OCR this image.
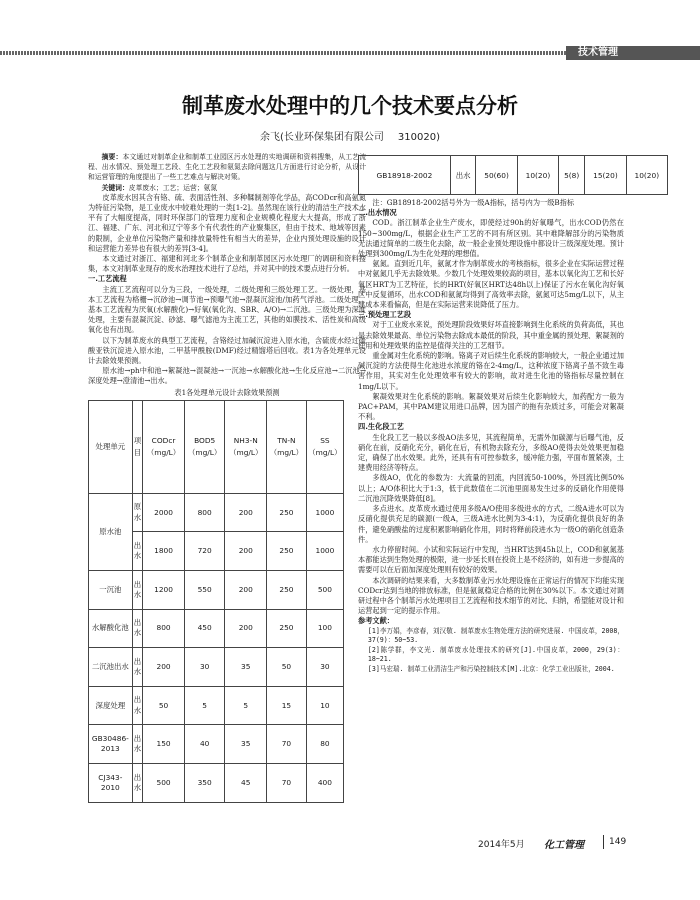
技术管理
制革废水处理中的几个技术要点分析
余飞(长业环保集团有限公司 310020)

摘要：本文通过对制革企业和制革工业园区污水处理的实地调研和资料搜集，从工艺流程、出水情况、预处理工艺段、生化工艺段和氨氮去除问题这几方面进行讨论分析，从设计和运营管理的角度提出了一些工艺难点与解决对策。

关键词：皮革废水；工艺；运营；氨氮

皮革废水因其含有铬、硫、表面活性剂、多种鞣制剂等化学品，高CODcr和高氨氮为特征污染物，是工业废水中较难处理的一类[1-2]。虽然现在该行业的清洁生产技术水平有了大幅度提高，同时环保部门的管理力度和企业规模化程度大大提高，形成了浙江、福建、广东、河北和辽宁等多个有代表性的产业聚集区，但由于技术、地域等因素的限制，企业单位污染物产量和排放量特性有相当大的差异，企业内预处理设施的设计和运营能力差异也有很大的差异[3-4]。

本文通过对浙江、福建和河北多个制革企业和制革园区污水处理厂的调研和资料搜集，本文对制革业现存的废水治理技术进行了总结，并对其中的技术要点进行分析。

一.工艺流程

主流工艺流程可以分为三段，一级处理，二级处理和三级处理工艺。一级处理，基本工艺流程为格栅→沉砂池→调节池→预曝气池→混凝沉淀池/加药气浮池。二级处理，基本工艺流程为厌氧(水解酸化)→好氧(氧化沟、SBR、A/O)→二沉池。三级处理为深度处理，主要有混凝沉淀、砂滤、曝气滤池为主流工艺，其他的如膜技术、活性炭和高级氧化也有出现。

以下为制革废水的典型工艺流程，含铬经过加碱沉淀进入原水池，含硫废水经过硫酸亚铁沉淀进入原水池，二甲基甲酰胺(DMF)经过精馏塔后回收。表1为各处理单元设计去除效果预测。

原水池→ph中和池→絮凝池→混凝池→一沉池→水解酸化池→生化反应池→二沉池→深度处理→澄清池→出水。

表1各处理单元设计去除效果预测

处理单元	项目	CODcr（mg/L）	BOD5（mg/L）	NH3-N（mg/L）	TN-N（mg/L）	SS（mg/L）
原水池	原水	2000	800	200	250	1000
	出水	1800	720	200	250	1000
一沉池	出水	1200	550	200	250	500
水解酸化池	出水	800	450	200	250	100
二沉池出水	出水	200	30	35	50	30
深度处理	出水	50	5	5	15	10
GB30486-2013	出水	150	40	35	70	80
CJ343-2010	出水	500	350	45	70	400
GB18918-2002	出水	50(60)	10(20)	5(8)	15(20)	10(20)

注：GB18918-2002括号外为一级A指标，括号内为一级B指标

二.出水情况

COD。浙江制革企业生产废水，即使经过90h的好氧曝气，出水COD仍然在150~300mg/L，根据企业生产工艺的不同有所区别。其中难降解部分的污染物质无法通过简单的二级生化去除，故一般企业预处理设施中都设计三级深度处理。预计处理到300mg/L为生化处理的理想值。

氨氮。直到近几年，氨氮才作为制革废水的考核指标，很多企业在实际运营过程中对氨氮几乎无去除效果。少数几个处理效果较高的项目，基本以氧化沟工艺和长好氧区HRT为工艺特征，长的HRT(好氧区HRT达48h以上)保证了污水在氧化沟好氧区中反复循环，出水COD和氨氮均得到了高效率去除，氨氮可达5mg/L以下，从主建成本来看偏高，但是在实际运营来说降低了压力。

三.预处理工艺段

对于工业废水来说，预处理阶段效果好坏直接影响到生化系统的负荷高低，其也是去除效果最高、单位污染物去除成本最低的阶段，其中重金属的预处理、絮凝剂的使用和处理效果的监控是值得关注的工艺细节。

重金属对生化系统的影响。铬离子对后续生化系统的影响较大，一般企业通过加碱沉淀的方法使得生化池进水浓度的铬在2-4mg/L，这种浓度下铬离子虽不致生毒害作用，其实对生化处理效率有较大的影响，故对进生化池的铬指标尽量控制在1mg/L以下。

絮凝效果对生化系统的影响。絮凝效果对后续生化影响较大，加药配方一般为PAC+PAM，其中PAM建议用进口品牌，因为国产的拖有杂质过多，可能会对絮凝不利。

四.生化段工艺

生化段工艺一般以多级AO法多见，其流程简单，无需外加碳源与后曝气池，反硝化在前，反硝化充分，硝化在后，有机物去除充分，多级AO使得去处效果更加稳定，确保了出水效果。此外，还具有有可控参数多，缓冲能力强，平面布置紧凑，土建费用经济等特点。

多级AO，优化的参数为：大流量的回流，内回流50-100%，外回流比例50%以上；A/O体积比大于1:3，低于此数值在二沉池里面易发生过多的反硝化作用使得二沉池沉降效果降低[8]。

多点进水。皮革废水通过使用多级A/O使用多级进水的方式，二级A进水可以为反硝化提供充足的碳源(一级A，三级A进水比例为3-4:1)，为反硝化提供良好的条件，避免硝酸盐的过度积累影响硝化作用，同时将释前段进水为一级O的硝化创造条件。

水力停留时间。小试和实际运行中发现，当HRT达到45h以上，COD和氨氮基本都能达到生物处理的极限，进一步延长则在投资上是不经济的，如有进一步提高的需要可以在后面加深度处理则有较好的效果。

本次调研的结果来看，大多数制革业污水处理设施在正常运行的情况下均能实现CODcr达到当地的排放标准，但是氨氮稳定合格的比例在30%以下。本文通过对调研过程中各个制革污水处理项目工艺流程和技术细节的对比、归纳，希望能对设计和运营起到一定的提示作用。

参考文献：

[1]李万娟，李彦春，刘汉敬. 制革废水生物处理方法的研究进展. 中国皮革，2008，37(9)：50~53.

[2]陈学群，李文光. 制革废水处理技术的研究[J].中国皮革，2000，29(3)：18~21.

[3]马宏瑞. 制革工业清洁生产和污染控制技术[M].北京：化学工业出版社，2004.

2014年5月 化工管理	149
